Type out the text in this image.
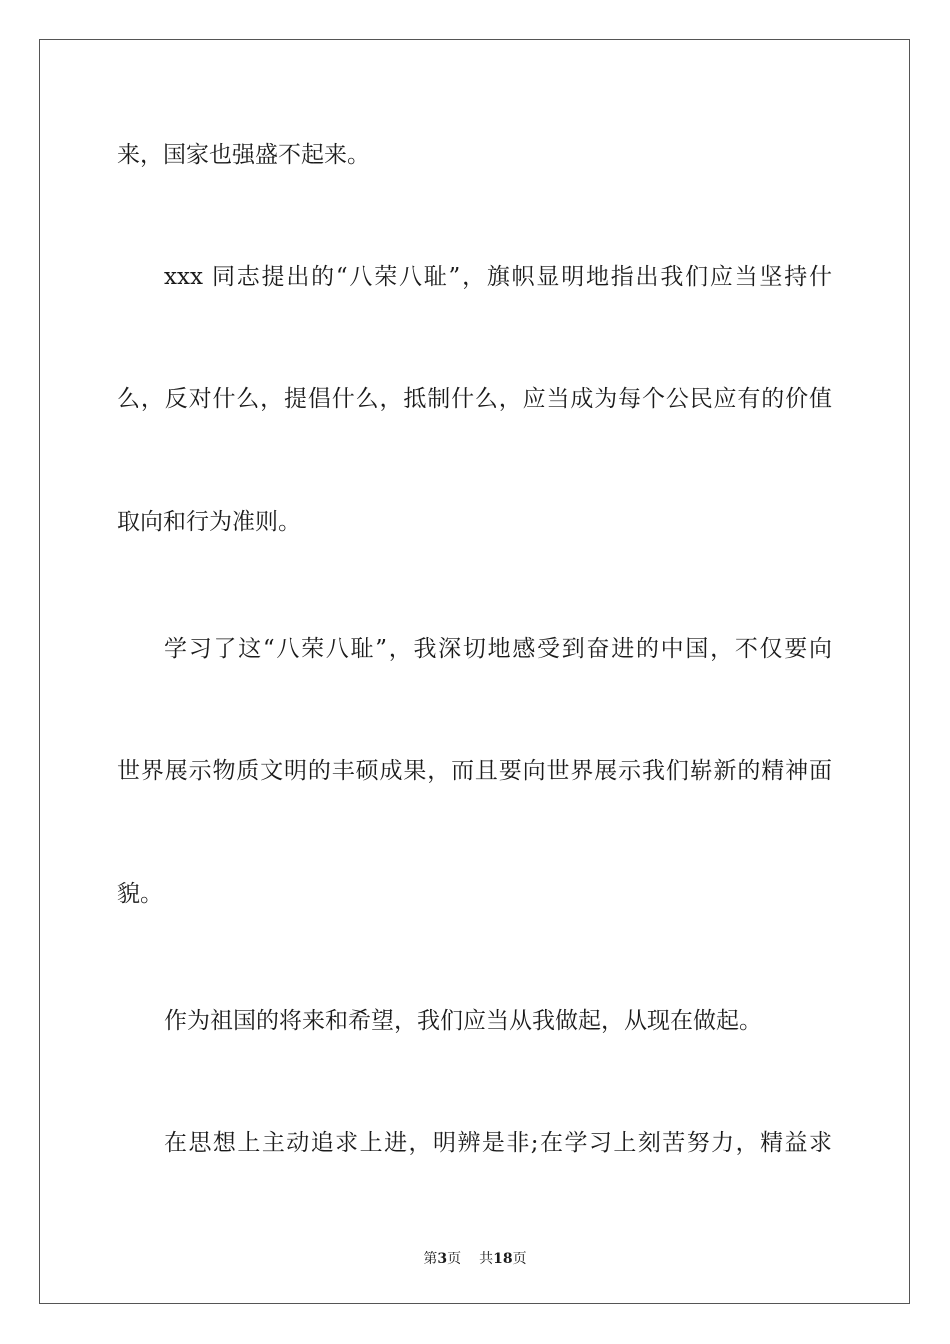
来，国家也强盛不起来。

xxx 同志提出的“八荣八耻”，旗帜显明地指出我们应当坚持什

么，反对什么，提倡什么，抵制什么，应当成为每个公民应有的价值

取向和行为准则。

学习了这“八荣八耻”，我深切地感受到奋进的中国，不仅要向

世界展示物质文明的丰硕成果，而且要向世界展示我们崭新的精神面

貌。

作为祖国的将来和希望，我们应当从我做起，从现在做起。

在思想上主动追求上进，明辨是非;在学习上刻苦努力，精益求

第3页 共18页
